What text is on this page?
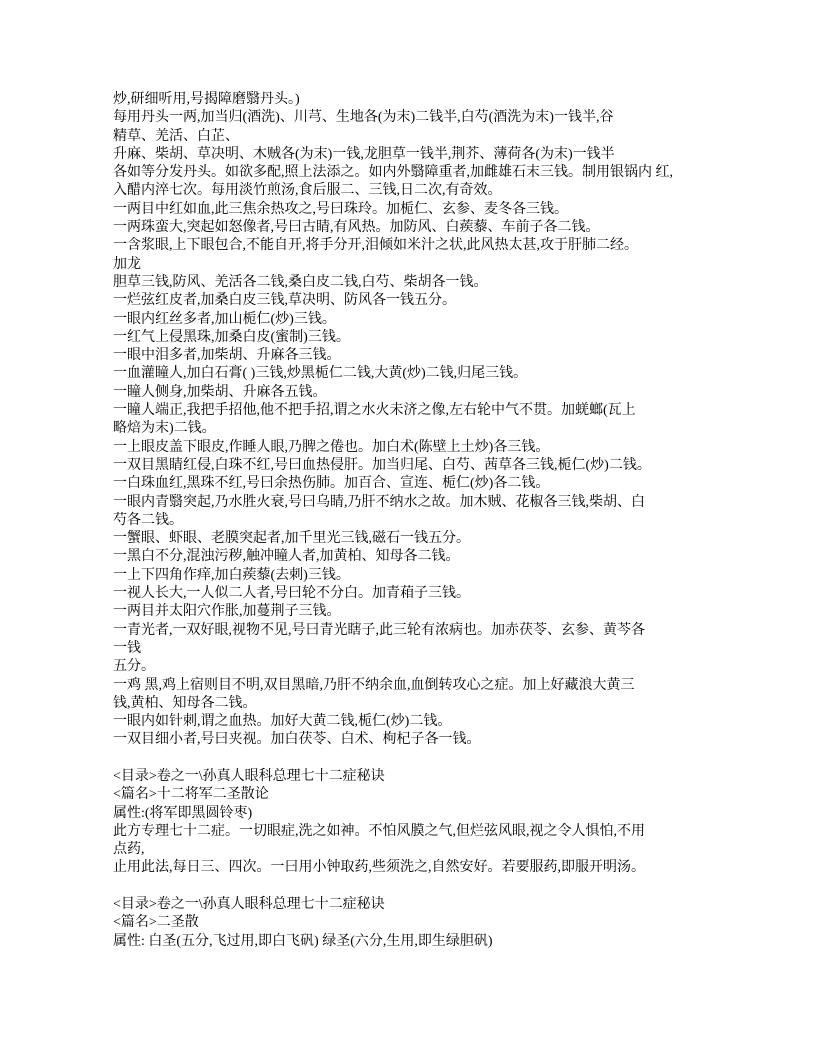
炒,研细听用,号揭障磨翳丹头。)
每用丹头一两,加当归(酒洗)、川芎、生地各(为末)二钱半,白芍(酒洗为末)一钱半,谷
精草、羌活、白芷、
升麻、柴胡、草决明、木贼各(为末)一钱,龙胆草一钱半,荆芥、薄荷各(为末)一钱半
各如等分发丹头。如欲多配,照上法添之。如内外翳障重者,加雌雄石末三钱。制用银锅内 红,
入醋内淬七次。每用淡竹煎汤,食后服二、三钱,日二次,有奇效。
一两目中红如血,此三焦余热攻之,号曰珠玲。加栀仁、玄参、麦冬各三钱。
一两珠蛮大,突起如怒像者,号曰古睛,有风热。加防风、白蒺藜、车前子各二钱。
一含浆眼,上下眼包合,不能自开,将手分开,泪倾如米汁之状,此风热太甚,攻于肝肺二经。
加龙
胆草三钱,防风、羌活各二钱,桑白皮二钱,白芍、柴胡各一钱。
一烂弦红皮者,加桑白皮三钱,草决明、防风各一钱五分。
一眼内红丝多者,加山栀仁(炒)三钱。
一红气上侵黑珠,加桑白皮(蜜制)三钱。
一眼中泪多者,加柴胡、升麻各三钱。
一血灌瞳人,加白石膏( )三钱,炒黑栀仁二钱,大黄(炒)二钱,归尾三钱。
一瞳人侧身,加柴胡、升麻各五钱。
一瞳人端正,我把手招他,他不把手招,谓之水火未济之像,左右轮中气不贯。加蜣螂(瓦上
略焙为末)二钱。
一上眼皮盖下眼皮,作睡人眼,乃脾之倦也。加白术(陈壁上土炒)各三钱。
一双目黑睛红侵,白珠不红,号曰血热侵肝。加当归尾、白芍、茜草各三钱,栀仁(炒)二钱。
一白珠血红,黑珠不红,号曰余热伤肺。加百合、宣连、栀仁(炒)各二钱。
一眼内青翳突起,乃水胜火衰,号曰乌睛,乃肝不纳水之故。加木贼、花椒各三钱,柴胡、白
芍各二钱。
一蟹眼、虾眼、老膜突起者,加千里光三钱,磁石一钱五分。
一黑白不分,混浊污秽,触冲瞳人者,加黄柏、知母各二钱。
一上下四角作痒,加白蒺藜(去刺)三钱。
一视人长大,一人似二人者,号曰轮不分白。加青葙子三钱。
一两目并太阳穴作胀,加蔓荆子三钱。
一青光者,一双好眼,视物不见,号曰青光瞎子,此三轮有浓病也。加赤茯苓、玄参、黄芩各
一钱
五分。
一鸡 黑,鸡上宿则目不明,双目黑暗,乃肝不纳余血,血倒转攻心之症。加上好藏浪大黄三
钱,黄柏、知母各二钱。
一眼内如针刺,谓之血热。加好大黄二钱,栀仁(炒)二钱。
一双目细小者,号曰夹视。加白茯苓、白术、枸杞子各一钱。
<目录>卷之一\孙真人眼科总理七十二症秘诀
<篇名>十二将军二圣散论
属性:(将军即黑圆铃枣)
此方专理七十二症。一切眼症,洗之如神。不怕风膜之气,但烂弦风眼,视之令人惧怕,不用
点药,
止用此法,每日三、四次。一曰用小钟取药,些须洗之,自然安好。若要服药,即服开明汤。
<目录>卷之一\孙真人眼科总理七十二症秘诀
<篇名>二圣散
属性: 白圣(五分,飞过用,即白飞矾) 绿圣(六分,生用,即生绿胆矾)
